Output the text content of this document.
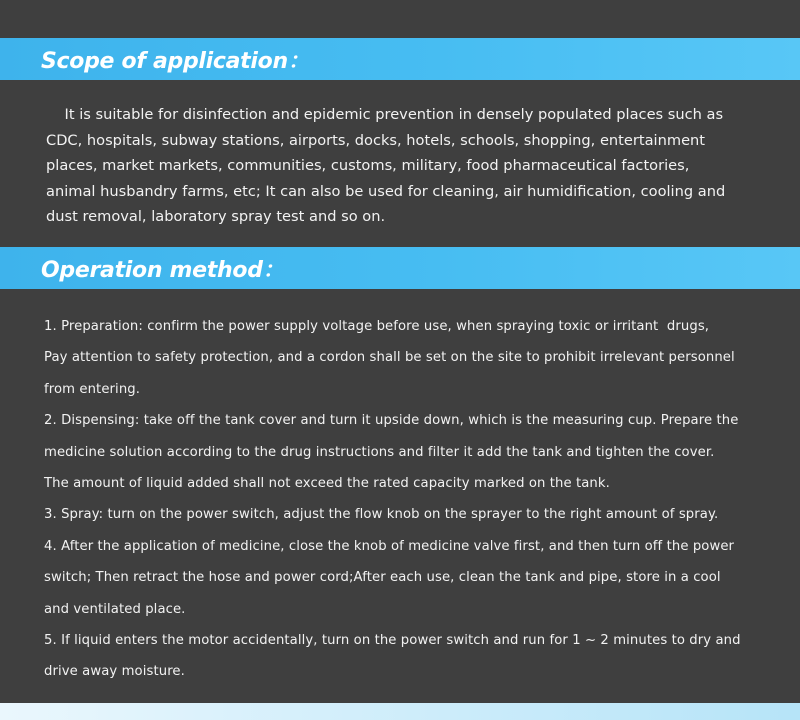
Scope of application：
It is suitable for disinfection and epidemic prevention in densely populated places such as
CDC, hospitals, subway stations, airports, docks, hotels, schools, shopping, entertainment
places, market markets, communities, customs, military, food pharmaceutical factories,
animal husbandry farms, etc; It can also be used for cleaning, air humidification, cooling and
dust removal, laboratory spray test and so on.
Operation method：
1. Preparation: confirm the power supply voltage before use, when spraying toxic or irritant  drugs,
Pay attention to safety protection, and a cordon shall be set on the site to prohibit irrelevant personnel
from entering.
2. Dispensing: take off the tank cover and turn it upside down, which is the measuring cup. Prepare the
medicine solution according to the drug instructions and filter it add the tank and tighten the cover.
The amount of liquid added shall not exceed the rated capacity marked on the tank.
3. Spray: turn on the power switch, adjust the flow knob on the sprayer to the right amount of spray.
4. After the application of medicine, close the knob of medicine valve first, and then turn off the power
switch; Then retract the hose and power cord;After each use, clean the tank and pipe, store in a cool
and ventilated place.
5. If liquid enters the motor accidentally, turn on the power switch and run for 1 ~ 2 minutes to dry and
drive away moisture.
